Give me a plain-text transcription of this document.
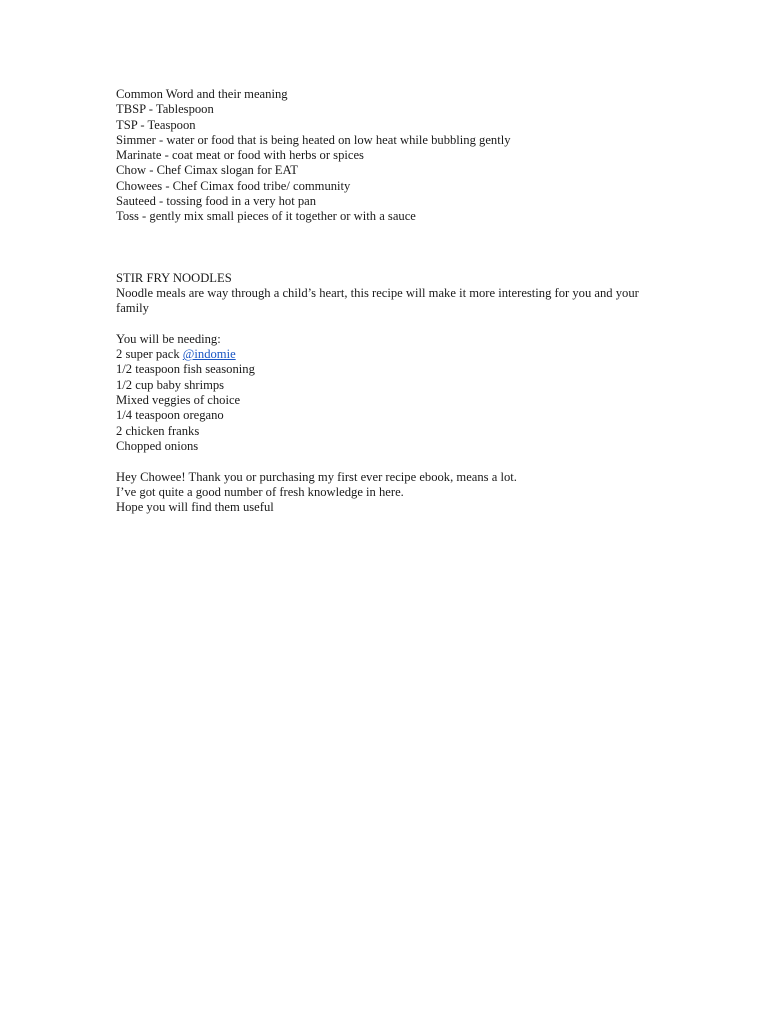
Common Word and their meaning
TBSP - Tablespoon
TSP - Teaspoon
Simmer - water or food that is being heated on low heat while bubbling gently
Marinate - coat meat or food with herbs or spices
Chow - Chef Cimax slogan for EAT
Chowees - Chef Cimax food tribe/ community
Sauteed - tossing food in a very hot pan
Toss - gently mix small pieces of it together or with a sauce
STIR FRY NOODLES
Noodle meals are way through a child’s heart, this recipe will make it more interesting for you and your family
You will be needing:
2 super pack @indomie
1/2 teaspoon fish seasoning
1/2 cup baby shrimps
Mixed veggies of choice
1/4 teaspoon oregano
2 chicken franks
Chopped onions
Hey Chowee! Thank you or purchasing my first ever recipe ebook, means a lot.
I’ve got quite a good number of fresh knowledge in here.
Hope you will find them useful
